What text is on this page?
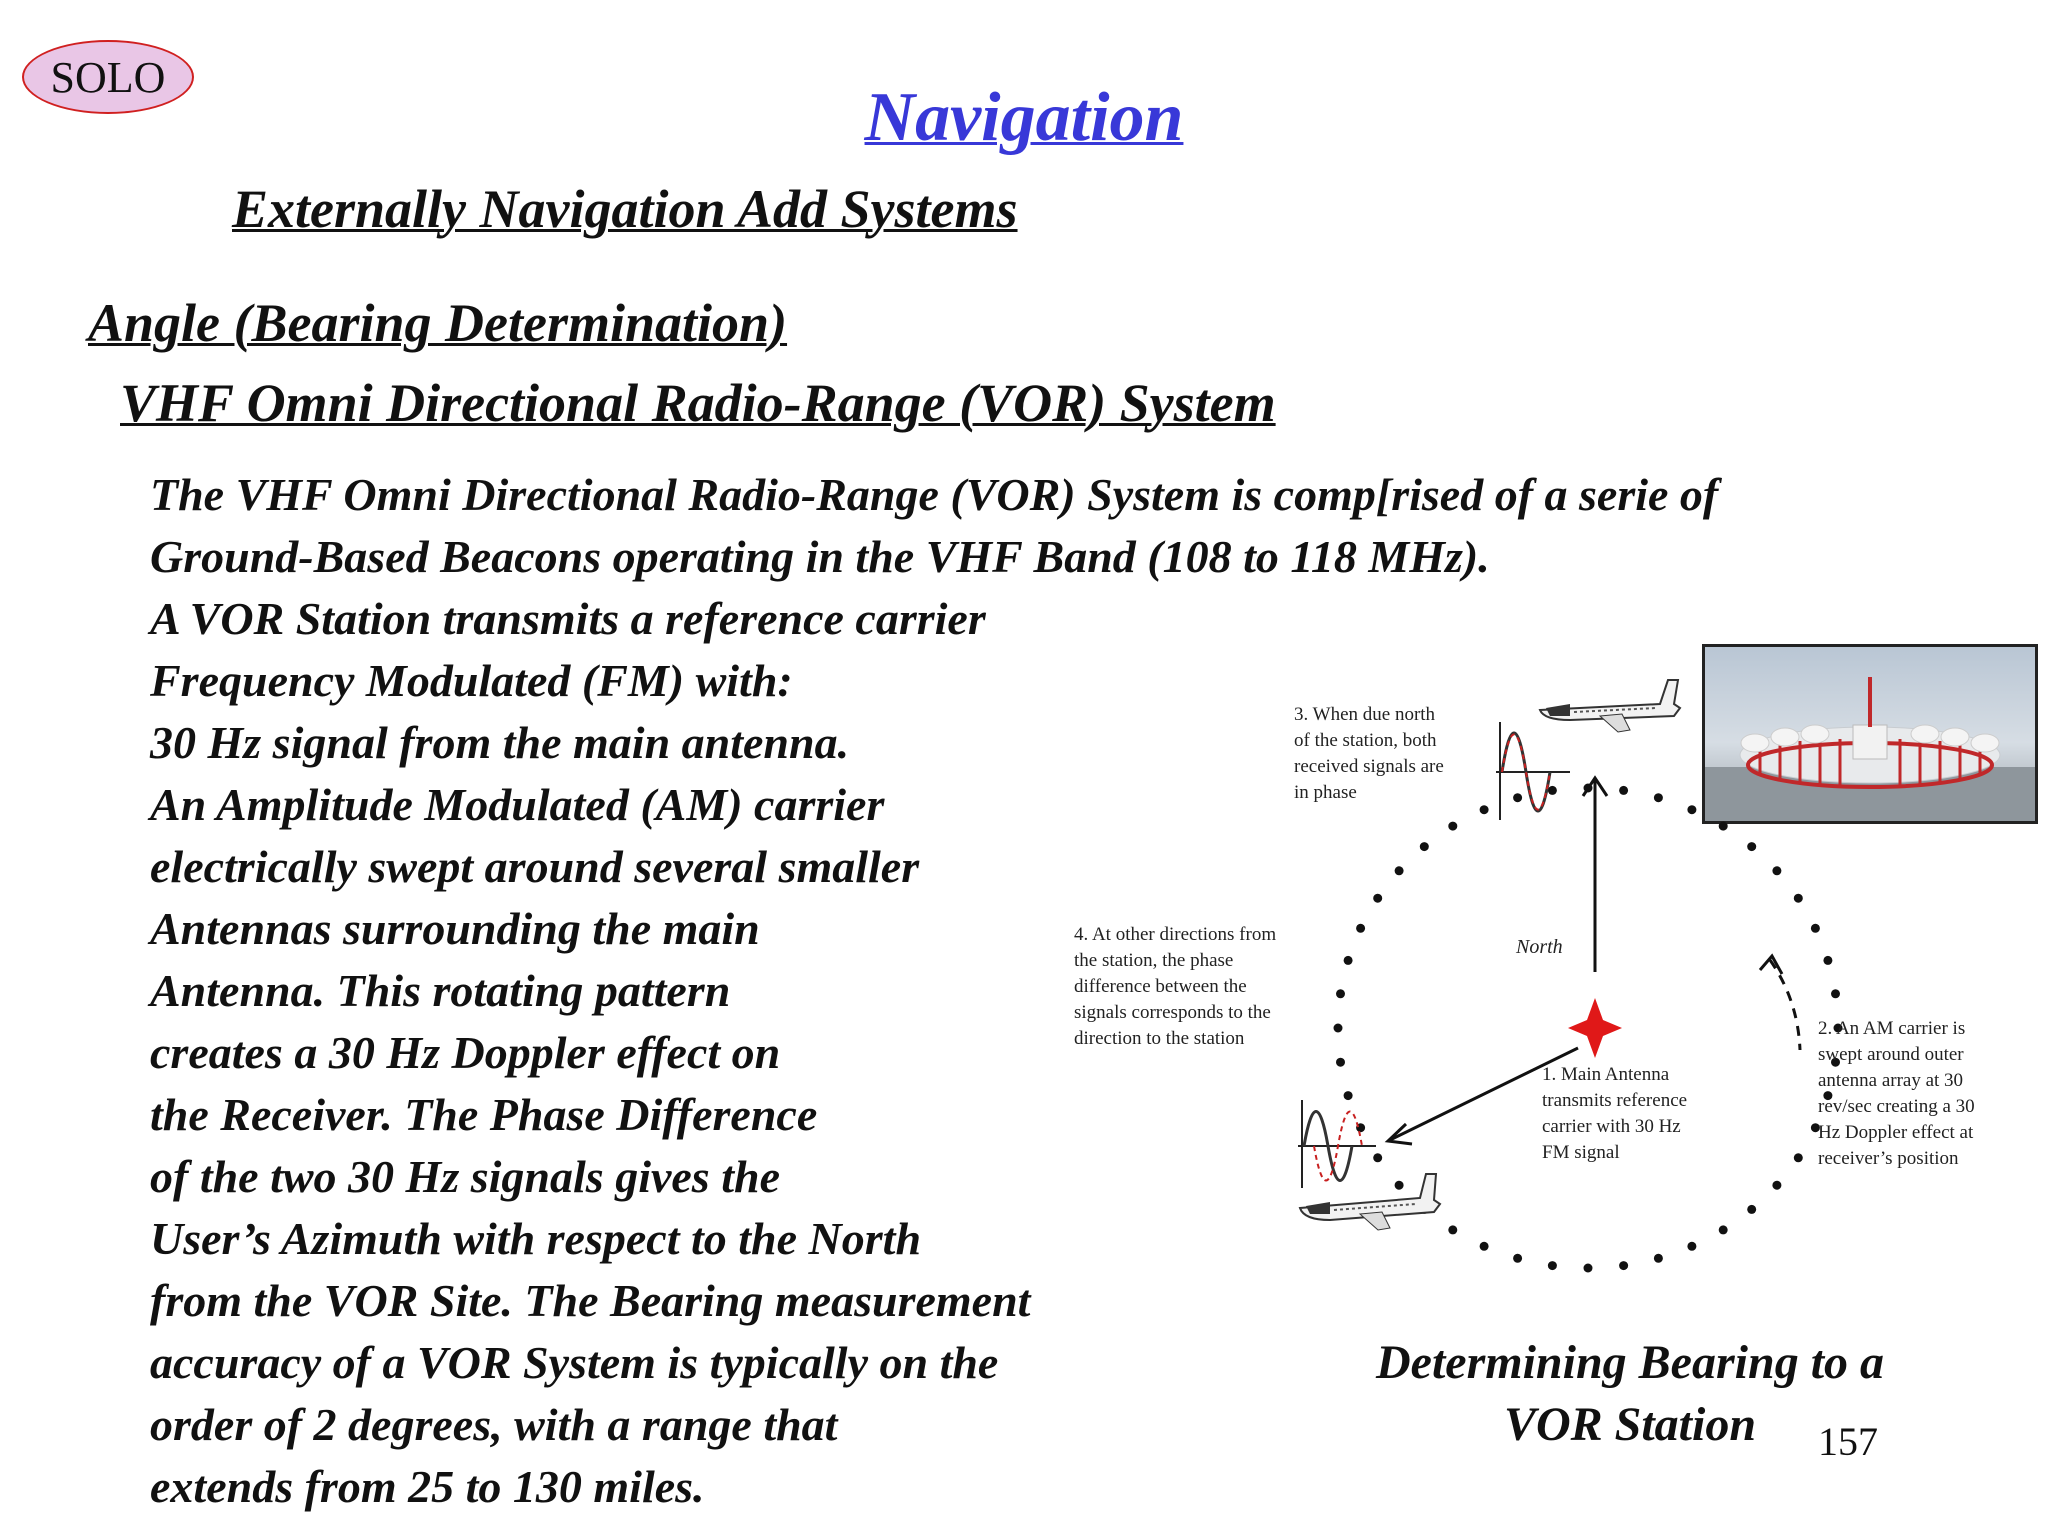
SOLO
Navigation
Externally Navigation Add Systems
Angle (Bearing Determination)
VHF Omni Directional Radio-Range (VOR) System
The VHF Omni Directional Radio-Range (VOR) System is comp[rised of a serie of
Ground-Based Beacons operating in the VHF Band (108 to 118 MHz).
A VOR Station transmits a reference carrier
Frequency Modulated (FM) with:
30 Hz signal from the main antenna.
An Amplitude Modulated (AM) carrier
electrically swept around several smaller
Antennas surrounding the main
Antenna. This rotating pattern
creates a 30 Hz Doppler effect on
the Receiver. The Phase Difference
of the two 30 Hz signals gives the
User’s Azimuth with respect to the North
from the VOR Site. The Bearing measurement
accuracy of a VOR System is typically on the
order of 2 degrees, with a range that
extends from 25 to 130 miles.
3. When due north
of the station, both
received signals are
in phase
4. At other directions from
the station, the phase
difference between the
signals corresponds to the
direction to the station	2. An AM carrier is
swept around outer
antenna array at 30
rev/sec creating a 30
Hz Doppler effect at
receiver’s position
1. Main Antenna
transmits reference
carrier with 30 Hz
FM signal
North
Determining Bearing to a
VOR Station	157
